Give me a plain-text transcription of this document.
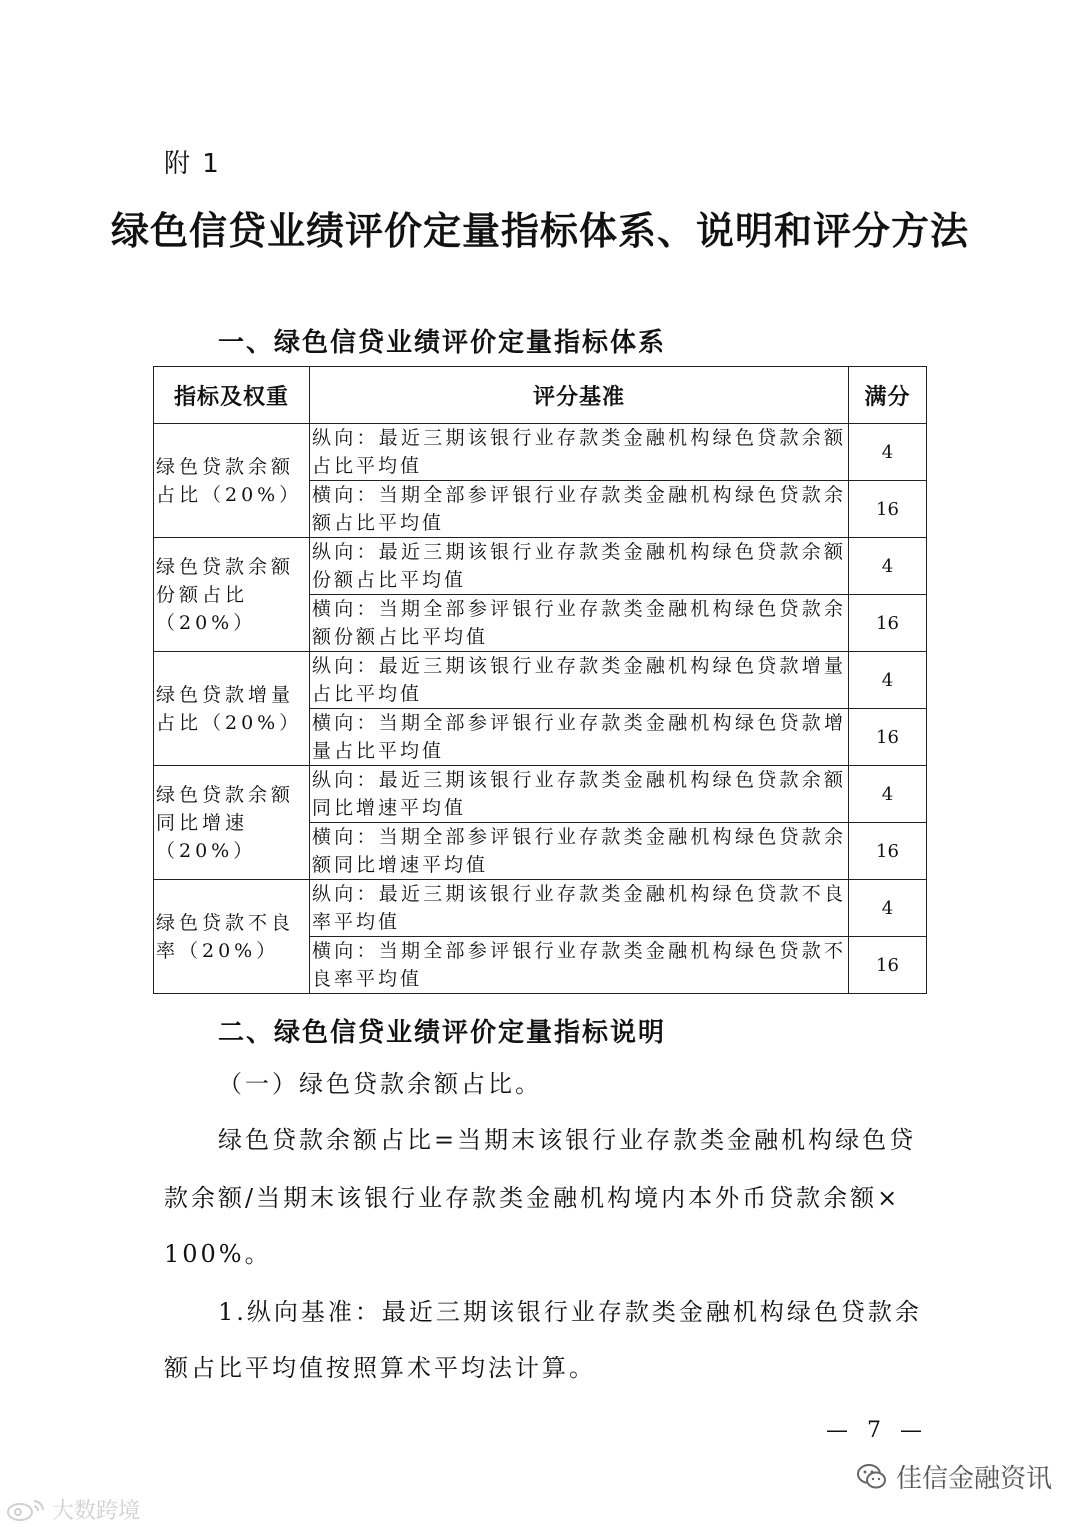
附 1
绿色信贷业绩评价定量指标体系、说明和评分方法
一、绿色信贷业绩评价定量指标体系
指标及权重	评分基准	满分
绿色贷款余额占比（20%）	纵向：最近三期该银行业存款类金融机构绿色贷款余额占比平均值	4
	横向：当期全部参评银行业存款类金融机构绿色贷款余额占比平均值	16
绿色贷款余额份额占比（20%）	纵向：最近三期该银行业存款类金融机构绿色贷款余额份额占比平均值	4
	横向：当期全部参评银行业存款类金融机构绿色贷款余额份额占比平均值	16
绿色贷款增量占比（20%）	纵向：最近三期该银行业存款类金融机构绿色贷款增量占比平均值	4
	横向：当期全部参评银行业存款类金融机构绿色贷款增量占比平均值	16
绿色贷款余额同比增速（20%）	纵向：最近三期该银行业存款类金融机构绿色贷款余额同比增速平均值	4
	横向：当期全部参评银行业存款类金融机构绿色贷款余额同比增速平均值	16
绿色贷款不良率（20%）	纵向：最近三期该银行业存款类金融机构绿色贷款不良率平均值	4
	横向：当期全部参评银行业存款类金融机构绿色贷款不良率平均值	16
二、绿色信贷业绩评价定量指标说明
（一）绿色贷款余额占比。
绿色贷款余额占比=当期末该银行业存款类金融机构绿色贷
款余额/当期末该银行业存款类金融机构境内本外币贷款余额×
100%。
1.纵向基准：最近三期该银行业存款类金融机构绿色贷款余
额占比平均值按照算术平均法计算。
— 7 —
佳信金融资讯
大数跨境
